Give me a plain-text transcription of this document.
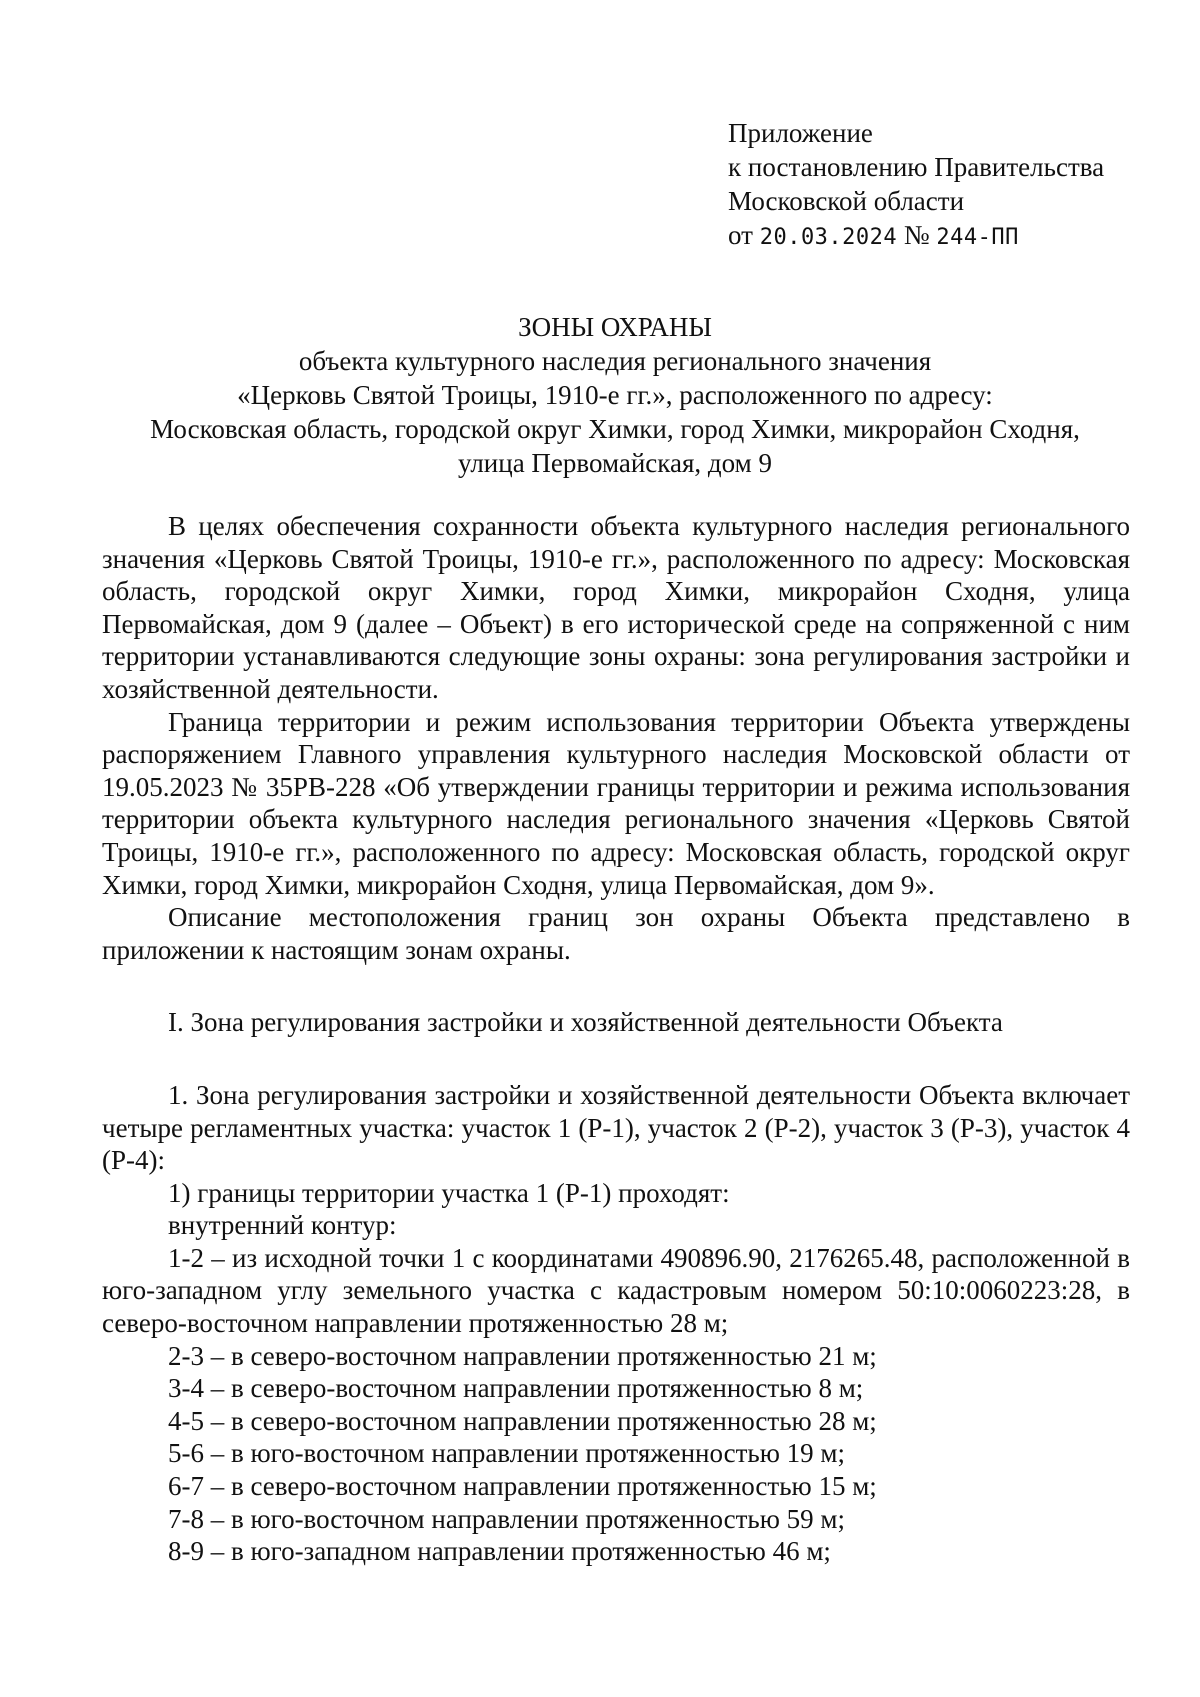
Приложение
к постановлению Правительства
Московской области
от 20.03.2024 № 244-ПП
ЗОНЫ ОХРАНЫ
объекта культурного наследия регионального значения
«Церковь Святой Троицы, 1910-е гг.», расположенного по адресу:
Московская область, городской округ Химки, город Химки, микрорайон Сходня,
улица Первомайская, дом 9

В целях обеспечения сохранности объекта культурного наследия регионального значения «Церковь Святой Троицы, 1910-е гг.», расположенного по адресу: Московская область, городской округ Химки, город Химки, микрорайон Сходня, улица Первомайская, дом 9 (далее – Объект) в его исторической среде на сопряженной с ним территории устанавливаются следующие зоны охраны: зона регулирования застройки и хозяйственной деятельности.

Граница территории и режим использования территории Объекта утверждены распоряжением Главного управления культурного наследия Московской области от 19.05.2023 № 35РВ-228 «Об утверждении границы территории и режима использования территории объекта культурного наследия регионального значения «Церковь Святой Троицы, 1910-е гг.», расположенного по адресу: Московская область, городской округ Химки, город Химки, микрорайон Сходня, улица Первомайская, дом 9».

Описание местоположения границ зон охраны Объекта представлено в приложении к настоящим зонам охраны.

I. Зона регулирования застройки и хозяйственной деятельности Объекта

1. Зона регулирования застройки и хозяйственной деятельности Объекта включает четыре регламентных участка: участок 1 (Р-1), участок 2 (Р-2), участок 3 (Р-3), участок 4 (Р-4):

1) границы территории участка 1 (Р-1) проходят:

внутренний контур:

1-2 – из исходной точки 1 с координатами 490896.90, 2176265.48, расположенной в юго-западном углу земельного участка с кадастровым номером 50:10:0060223:28, в северо-восточном направлении протяженностью 28 м;

2-3 – в северо-восточном направлении протяженностью 21 м;
3-4 – в северо-восточном направлении протяженностью 8 м;
4-5 – в северо-восточном направлении протяженностью 28 м;
5-6 – в юго-восточном направлении протяженностью 19 м;
6-7 – в северо-восточном направлении протяженностью 15 м;
7-8 – в юго-восточном направлении протяженностью 59 м;
8-9 – в юго-западном направлении протяженностью 46 м;
